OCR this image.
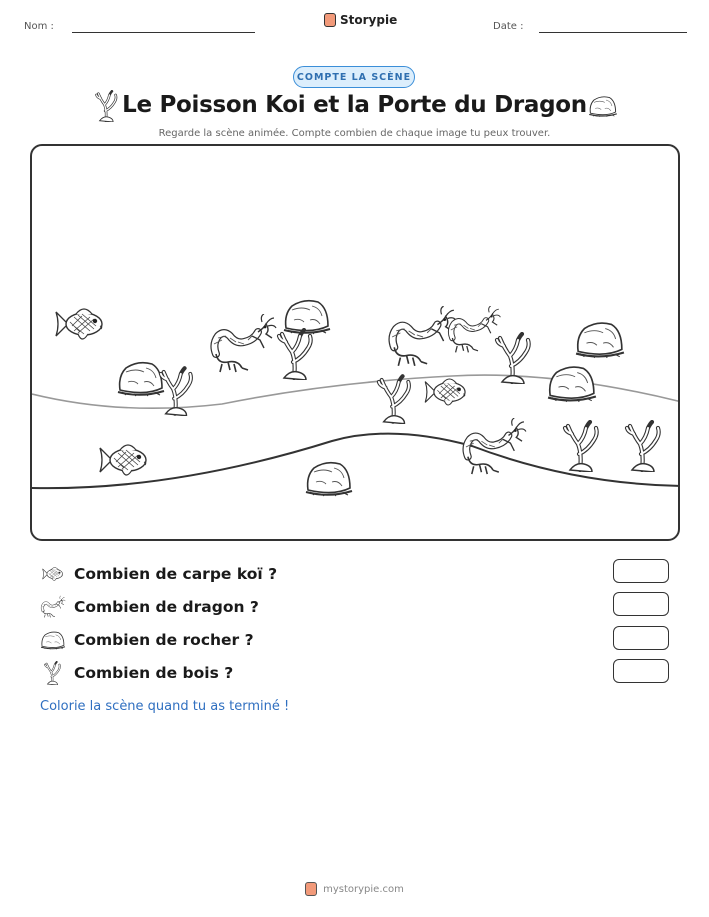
Nom :	Storypie	Date :
COMPTE LA SCÈNE
Le Poisson Koi et la Porte du Dragon
Regarde la scène animée. Compte combien de chaque image tu peux trouver.
Combien de carpe koï ?
Combien de dragon ?
Combien de rocher ?
Combien de bois ?
Colorie la scène quand tu as terminé !
mystorypie.com
